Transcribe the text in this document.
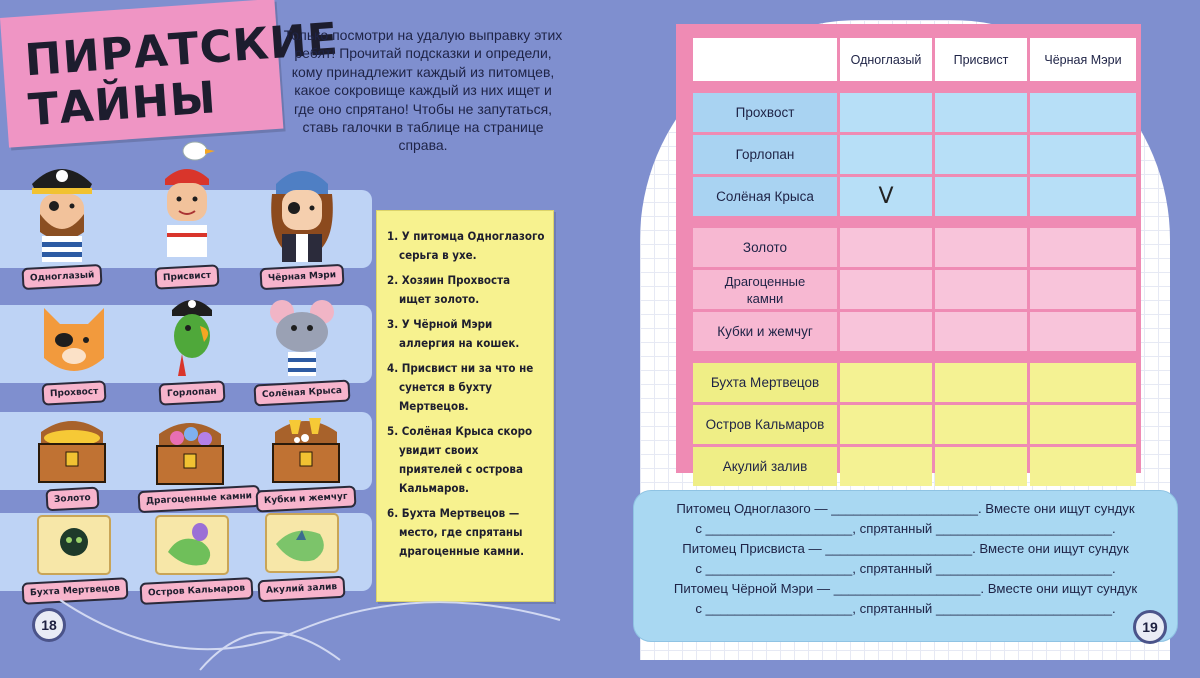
ПИРАТСКИЕ
ТАЙНЫ
Только посмотри на удалую выправку этих ребят! Прочитай подсказки и определи, кому принадлежит каждый из питомцев, какое сокровище каждый из них ищет и где оно спрятано! Чтобы не запутаться, ставь галочки в таблице на странице справа.
Одноглазый	Присвист	Чёрная Мэри
Прохвост	Горлопан	Солёная Крыса
Золото	Драгоценные камни	Кубки и жемчуг
Бухта Мертвецов	Остров Кальмаров	Акулий залив
1. У питомца Одноглазого серьга в ухе.
2. Хозяин Прохвоста ищет золото.
3. У Чёрной Мэри аллергия на кошек.
4. Присвист ни за что не сунется в бухту Мертвецов.
5. Солёная Крыса скоро увидит своих приятелей с острова Кальмаров.
6. Бухта Мертвецов — место, где спрятаны драгоценные камни.
18
	Одноглазый	Присвист	Чёрная Мэри

Прохвост			
Горлопан			
Солёная Крыса	V		

Золото			
Драгоценные камни			
Кубки и жемчуг			

Бухта Мертвецов			
Остров Кальмаров			
Акулий залив			
Питомец Одноглазого — ____________________. Вместе они ищут сундук
с ____________________, спрятанный ________________________.
Питомец Присвиста — ____________________. Вместе они ищут сундук
с ____________________, спрятанный ________________________.
Питомец Чёрной Мэри — ____________________. Вместе они ищут сундук
с ____________________, спрятанный ________________________.
19
